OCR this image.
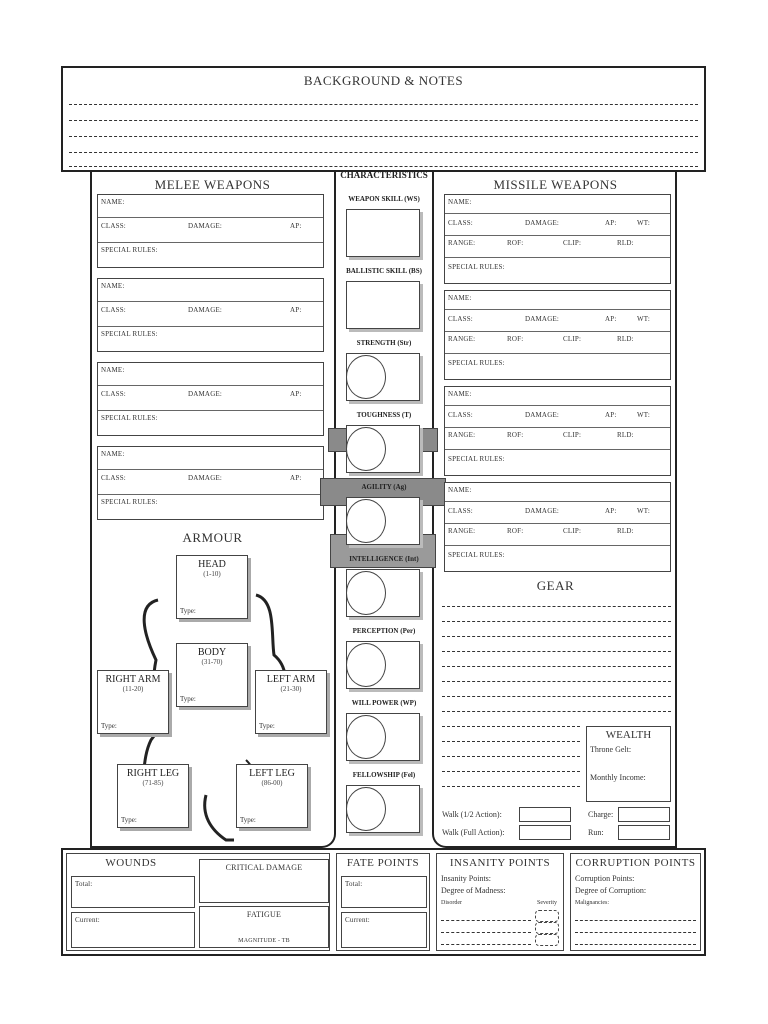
BACKGROUND & NOTES
MELEE WEAPONS
NAME:
CLASS:	DAMAGE:	AP:
SPECIAL RULES:
NAME:
CLASS:	DAMAGE:	AP:
SPECIAL RULES:
NAME:
CLASS:	DAMAGE:	AP:
SPECIAL RULES:
NAME:
CLASS:	DAMAGE:	AP:
SPECIAL RULES:
ARMOUR
HEAD
(1-10)
Type:
BODY
(31-70)
Type:
RIGHT ARM
(11-20)
Type:
LEFT ARM
(21-30)
Type:
RIGHT LEG
(71-85)
Type:
LEFT LEG
(86-00)
Type:
CHARACTERISTICS
WEAPON SKILL (WS)
BALLISTIC SKILL (BS)
STRENGTH (Str)
TOUGHNESS (T)
AGILITY (Ag)
INTELLIGENCE (Int)
PERCEPTION (Per)
WILL POWER (WP)
FELLOWSHIP (Fel)
MISSILE WEAPONS
NAME:
CLASS:	DAMAGE:	AP:	WT:
RANGE:	ROF:	CLIP:	RLD:
SPECIAL RULES:
NAME:
CLASS:	DAMAGE:	AP:	WT:
RANGE:	ROF:	CLIP:	RLD:
SPECIAL RULES:
NAME:
CLASS:	DAMAGE:	AP:	WT:
RANGE:	ROF:	CLIP:	RLD:
SPECIAL RULES:
NAME:
CLASS:	DAMAGE:	AP:	WT:
RANGE:	ROF:	CLIP:	RLD:
SPECIAL RULES:
GEAR
WEALTH
Throne Gelt:
Monthly Income:
Walk (1/2 Action):
Walk (Full Action):
Charge:
Run:
WOUNDS
Total:
Current:
CRITICAL DAMAGE
FATIGUE
MAGNITUDE - TB
FATE POINTS
Total:
Current:
INSANITY POINTS
Insanity Points:
Degree of Madness:
Disorder	Severity
CORRUPTION POINTS
Corruption Points:
Degree of Corruption:
Malignancies:
